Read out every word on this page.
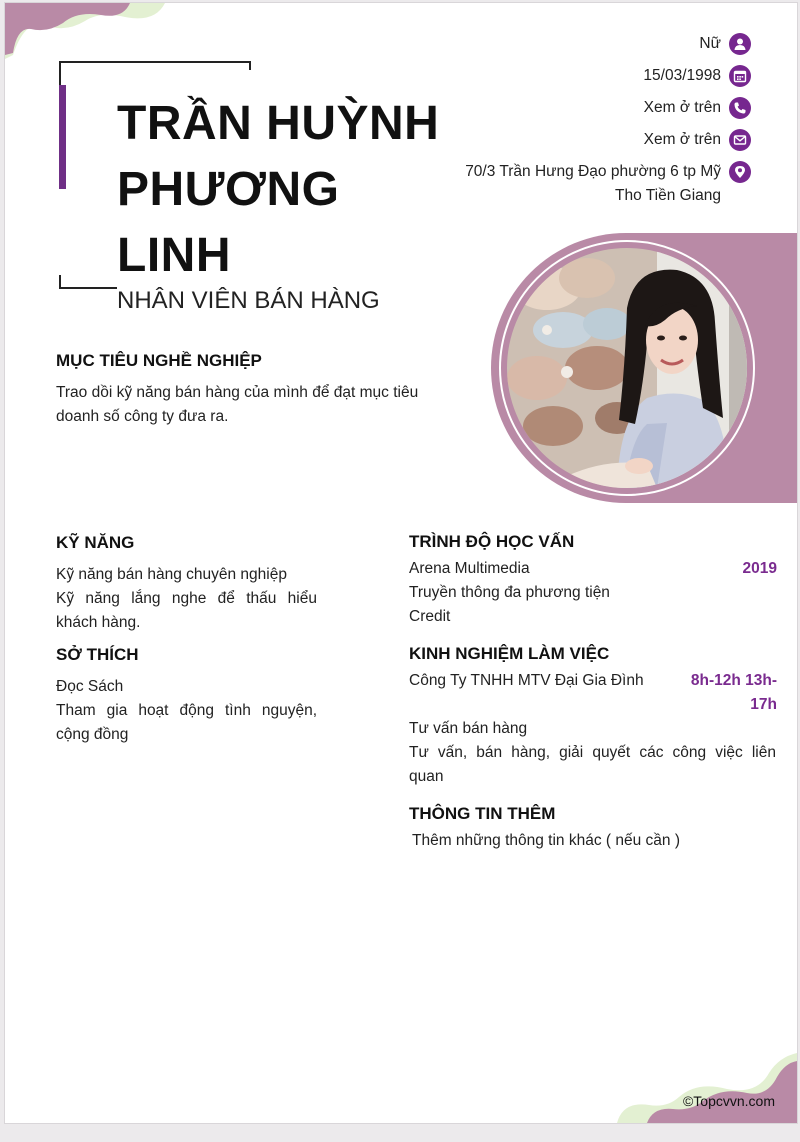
TRẦN HUỲNH
PHƯƠNG
LINH
NHÂN VIÊN BÁN HÀNG
Nữ
15/03/1998
Xem ở trên
Xem ở trên
70/3 Trần Hưng Đạo phường 6 tp Mỹ
Tho Tiền Giang
MỤC TIÊU NGHỀ NGHIỆP
Trao dồi kỹ năng bán hàng của mình để đạt mục tiêu
doanh số công ty đưa ra.
KỸ NĂNG
Kỹ năng bán hàng chuyên nghiệp
Kỹ năng lắng nghe để thấu hiểu
khách hàng.
SỞ THÍCH
Đọc Sách
Tham gia hoạt động tình nguyện,
cộng đồng
TRÌNH ĐỘ HỌC VẤN
Arena Multimedia	2019
Truyền thông đa phương tiện
Credit
KINH NGHIỆM LÀM VIỆC
Công Ty TNHH MTV Đại Gia Đình	8h-12h 13h-
17h
Tư vấn bán hàng
Tư vấn, bán hàng, giải quyết các công việc liên
quan
THÔNG TIN THÊM
Thêm những thông tin khác ( nếu cần )
©Topcvvn.com
